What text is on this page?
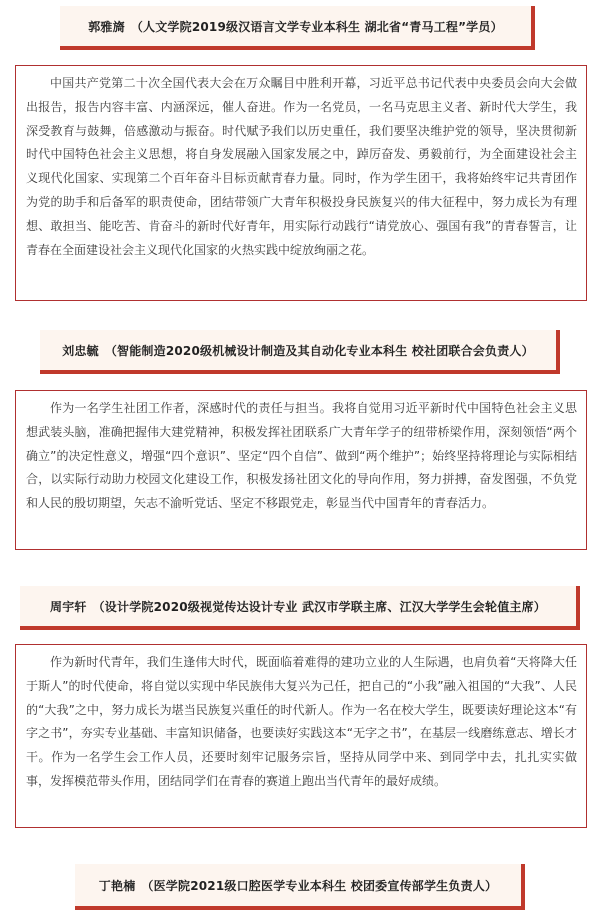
郭雅旖 （人文学院2019级汉语言文学专业本科生 湖北省“青马工程”学员）
中国共产党第二十次全国代表大会在万众瞩目中胜利开幕，习近平总书记代表中央委员会向大会做出报告，报告内容丰富、内涵深远，催人奋进。作为一名党员，一名马克思主义者、新时代大学生，我深受教育与鼓舞，倍感激动与振奋。时代赋予我们以历史重任，我们要坚决维护党的领导，坚决贯彻新时代中国特色社会主义思想，将自身发展融入国家发展之中，踔厉奋发、勇毅前行，为全面建设社会主义现代化国家、实现第二个百年奋斗目标贡献青春力量。同时，作为学生团干，我将始终牢记共青团作为党的助手和后备军的职责使命，团结带领广大青年积极投身民族复兴的伟大征程中，努力成长为有理想、敢担当、能吃苦、肯奋斗的新时代好青年，用实际行动践行“请党放心、强国有我”的青春誓言，让青春在全面建设社会主义现代化国家的火热实践中绽放绚丽之花。
刘忠毓 （智能制造2020级机械设计制造及其自动化专业本科生 校社团联合会负责人）
作为一名学生社团工作者，深感时代的责任与担当。我将自觉用习近平新时代中国特色社会主义思想武装头脑，准确把握伟大建党精神，积极发挥社团联系广大青年学子的纽带桥梁作用，深刻领悟“两个确立”的决定性意义，增强“四个意识”、坚定“四个自信”、做到“两个维护”；始终坚持将理论与实际相结合，以实际行动助力校园文化建设工作，积极发扬社团文化的导向作用，努力拼搏，奋发图强，不负党和人民的殷切期望，矢志不渝听党话、坚定不移跟党走，彰显当代中国青年的青春活力。
周宇轩 （设计学院2020级视觉传达设计专业 武汉市学联主席、江汉大学学生会轮值主席）
作为新时代青年，我们生逢伟大时代，既面临着难得的建功立业的人生际遇，也肩负着“天将降大任于斯人”的时代使命，将自觉以实现中华民族伟大复兴为己任，把自己的“小我”融入祖国的“大我”、人民的“大我”之中，努力成长为堪当民族复兴重任的时代新人。作为一名在校大学生，既要读好理论这本“有字之书”，夯实专业基础、丰富知识储备，也要读好实践这本“无字之书”，在基层一线磨练意志、增长才干。作为一名学生会工作人员，还要时刻牢记服务宗旨，坚持从同学中来、到同学中去，扎扎实实做事，发挥模范带头作用，团结同学们在青春的赛道上跑出当代青年的最好成绩。
丁艳楠 （医学院2021级口腔医学专业本科生 校团委宣传部学生负责人）
